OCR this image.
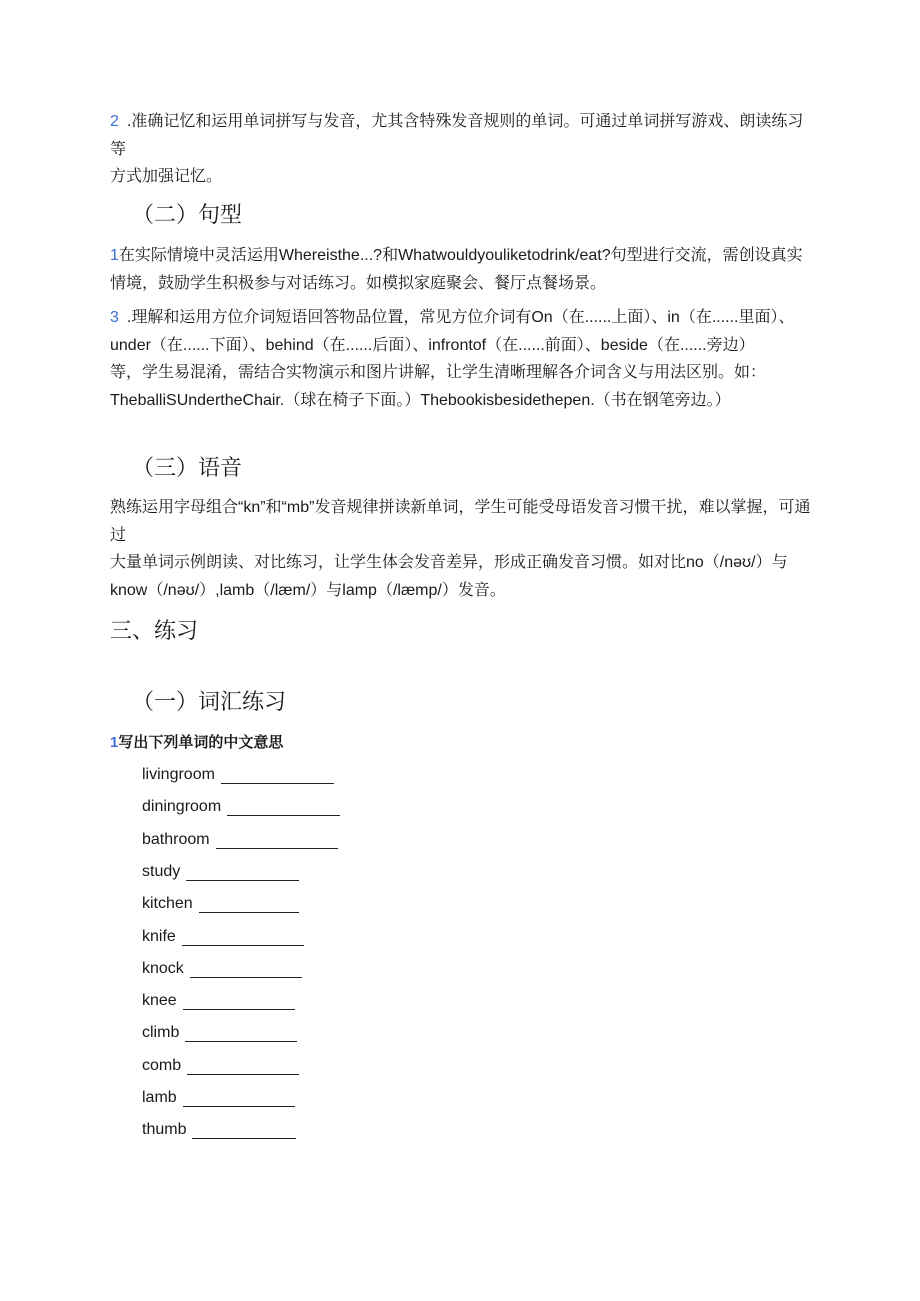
2 .准确记忆和运用单词拼写与发音，尤其含特殊发音规则的单词。可通过单词拼写游戏、朗读练习等
方式加强记忆。
（二）句型
1在实际情境中灵活运用Whereisthe...?和Whatwouldyouliketodrink/eat?句型进行交流，需创设真实
情境，鼓励学生积极参与对话练习。如模拟家庭聚会、餐厅点餐场景。
3 .理解和运用方位介词短语回答物品位置，常见方位介词有On（在......上面）、in（在......里面）、
under（在......下面）、behind（在......后面）、infrontof（在......前面）、beside（在......旁边）
等，学生易混淆，需结合实物演示和图片讲解，让学生清晰理解各介词含义与用法区别。如：
TheballiSUndertheChair.（球在椅子下面。）Thebookisbesidethepen.（书在钢笔旁边。）
（三）语音
熟练运用字母组合“kn”和“mb”发音规律拼读新单词，学生可能受母语发音习惯干扰，难以掌握，可通过
大量单词示例朗读、对比练习，让学生体会发音差异，形成正确发音习惯。如对比no（/nəʊ/）与
know（/nəʊ/）,lamb（/læm/）与lamp（/læmp/）发音。
三、练习
（一）词汇练习
1写出下列单词的中文意思
livingroom
diningroom
bathroom
study
kitchen
knife
knock
knee
climb
comb
lamb
thumb
